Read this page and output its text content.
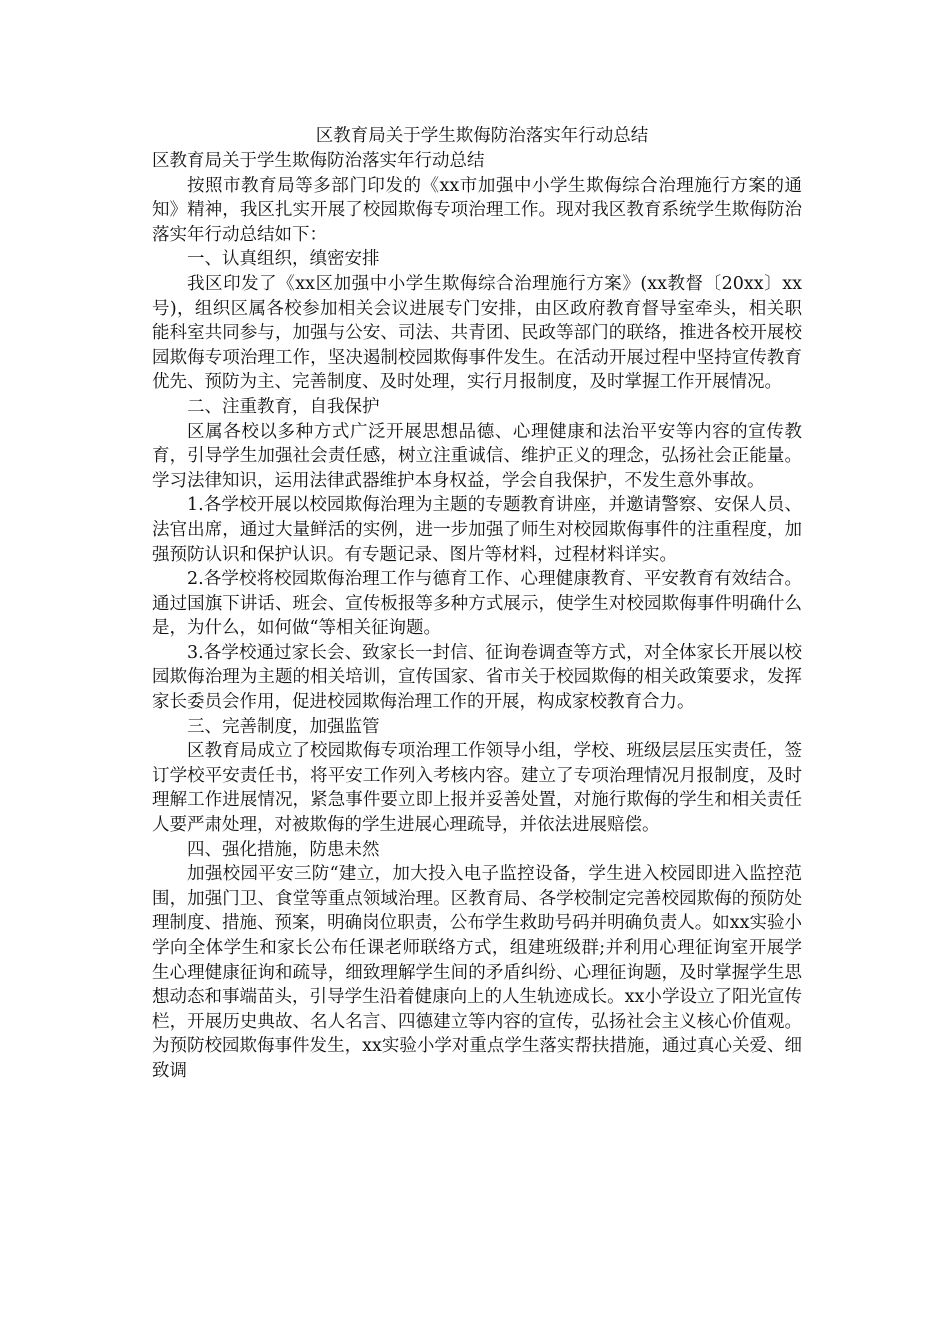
区教育局关于学生欺侮防治落实年行动总结
区教育局关于学生欺侮防治落实年行动总结

按照市教育局等多部门印发的《xx市加强中小学生欺侮综合治理施行方案的通知》精神，我区扎实开展了校园欺侮专项治理工作。现对我区教育系统学生欺侮防治落实年行动总结如下：

一、认真组织，缜密安排

我区印发了《xx区加强中小学生欺侮综合治理施行方案》(xx教督〔20xx〕xx号)，组织区属各校参加相关会议进展专门安排，由区政府教育督导室牵头，相关职能科室共同参与，加强与公安、司法、共青团、民政等部门的联络，推进各校开展校园欺侮专项治理工作，坚决遏制校园欺侮事件发生。在活动开展过程中坚持宣传教育优先、预防为主、完善制度、及时处理，实行月报制度，及时掌握工作开展情况。

二、注重教育，自我保护

区属各校以多种方式广泛开展思想品德、心理健康和法治平安等内容的宣传教育，引导学生加强社会责任感，树立注重诚信、维护正义的理念，弘扬社会正能量。学习法律知识，运用法律武器维护本身权益，学会自我保护，不发生意外事故。

1.各学校开展以校园欺侮治理为主题的专题教育讲座，并邀请警察、安保人员、法官出席，通过大量鲜活的实例，进一步加强了师生对校园欺侮事件的注重程度，加强预防认识和保护认识。有专题记录、图片等材料，过程材料详实。

2.各学校将校园欺侮治理工作与德育工作、心理健康教育、平安教育有效结合。通过国旗下讲话、班会、宣传板报等多种方式展示，使学生对校园欺侮事件明确什么是，为什么，如何做“等相关征询题。

3.各学校通过家长会、致家长一封信、征询卷调查等方式，对全体家长开展以校园欺侮治理为主题的相关培训，宣传国家、省市关于校园欺侮的相关政策要求，发挥家长委员会作用，促进校园欺侮治理工作的开展，构成家校教育合力。

三、完善制度，加强监管

区教育局成立了校园欺侮专项治理工作领导小组，学校、班级层层压实责任，签订学校平安责任书，将平安工作列入考核内容。建立了专项治理情况月报制度，及时理解工作进展情况，紧急事件要立即上报并妥善处置，对施行欺侮的学生和相关责任人要严肃处理，对被欺侮的学生进展心理疏导，并依法进展赔偿。

四、强化措施，防患未然

加强校园平安三防“建立，加大投入电子监控设备，学生进入校园即进入监控范围，加强门卫、食堂等重点领域治理。区教育局、各学校制定完善校园欺侮的预防处理制度、措施、预案，明确岗位职责，公布学生救助号码并明确负责人。如xx实验小学向全体学生和家长公布任课老师联络方式，组建班级群;并利用心理征询室开展学生心理健康征询和疏导，细致理解学生间的矛盾纠纷、心理征询题，及时掌握学生思想动态和事端苗头，引导学生沿着健康向上的人生轨迹成长。xx小学设立了阳光宣传栏，开展历史典故、名人名言、四德建立等内容的宣传，弘扬社会主义核心价值观。为预防校园欺侮事件发生，xx实验小学对重点学生落实帮扶措施，通过真心关爱、细致调
